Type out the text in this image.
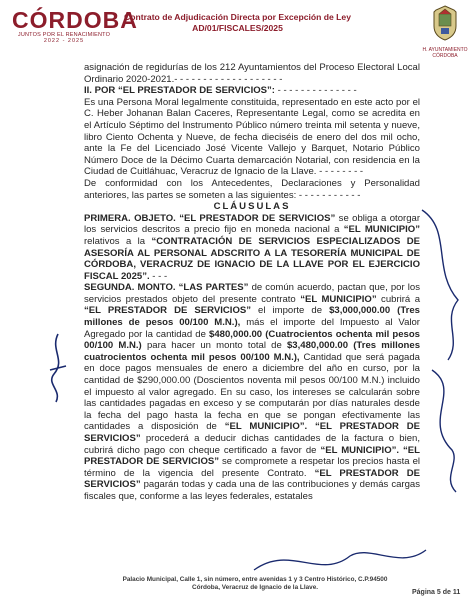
CÓRDOBA
JUNTOS POR EL RENACIMIENTO
2022 - 2025
Contrato de Adjudicación Directa por Excepción de Ley
AD/01/FISCALES/2025
H. AYUNTAMIENTO CÓRDOBA

asignación de regidurías de los 212 Ayuntamientos del Proceso Electoral Local Ordinario 2020-2021.- - - - - - - - - - - - - - - - - - -

II. POR “EL PRESTADOR DE SERVICIOS”: - - - - - - - - - - - - - -

Es una Persona Moral legalmente constituida, representado en este acto por el C. Heber Johanan Balan Caceres, Representante Legal, como se acredita en el Artículo Séptimo del Instrumento Público número treinta mil setenta y nueve, libro Ciento Ochenta y Nueve, de fecha dieciséis de enero del dos mil ocho, ante la Fe del Licenciado José Vicente Vallejo y Barquet, Notario Público Número Doce de la Décimo Cuarta demarcación Notarial, con residencia en la Ciudad de Cuitláhuac, Veracruz de Ignacio de la Llave. - - - - - - - -

De conformidad con los Antecedentes, Declaraciones y Personalidad anteriores, las partes se someten a las siguientes: - - - - - - - - - - -

CLÁUSULAS

PRIMERA. OBJETO. “EL PRESTADOR DE SERVICIOS” se obliga a otorgar los servicios descritos a precio fijo en moneda nacional a “EL MUNICIPIO” relativos a la “CONTRATACIÓN DE SERVICIOS ESPECIALIZADOS DE ASESORÍA AL PERSONAL ADSCRITO A LA TESORERÍA MUNICIPAL DE CÓRDOBA, VERACRUZ DE IGNACIO DE LA LLAVE POR EL EJERCICIO FISCAL 2025”. - - -

SEGUNDA. MONTO. “LAS PARTES” de común acuerdo, pactan que, por los servicios prestados objeto del presente contrato “EL MUNICIPIO” cubrirá a “EL PRESTADOR DE SERVICIOS” el importe de $3,000,000.00 (Tres millones de pesos 00/100 M.N.), más el importe del Impuesto al Valor Agregado por la cantidad de $480,000.00 (Cuatrocientos ochenta mil pesos 00/100 M.N.) para hacer un monto total de $3,480,000.00 (Tres millones cuatrocientos ochenta mil pesos 00/100 M.N.), Cantidad que será pagada en doce pagos mensuales de enero a diciembre del año en curso, por la cantidad de $290,000.00 (Doscientos noventa mil pesos 00/100 M.N.) incluido el impuesto al valor agregado. En su caso, los intereses se calcularán sobre las cantidades pagadas en exceso y se computarán por días naturales desde la fecha del pago hasta la fecha en que se pongan efectivamente las cantidades a disposición de “EL MUNICIPIO”. “EL PRESTADOR DE SERVICIOS” procederá a deducir dichas cantidades de la factura o bien, cubrirá dicho pago con cheque certificado a favor de “EL MUNICIPIO”. “EL PRESTADOR DE SERVICIOS” se compromete a respetar los precios hasta el término de la vigencia del presente Contrato. “EL PRESTADOR DE SERVICIOS” pagarán todas y cada una de las contribuciones y demás cargas fiscales que, conforme a las leyes federales, estatales

Palacio Municipal, Calle 1, sin número, entre avenidas 1 y 3 Centro Histórico, C.P.94500
Córdoba, Veracruz de Ignacio de la Llave.
Página 5 de 11
